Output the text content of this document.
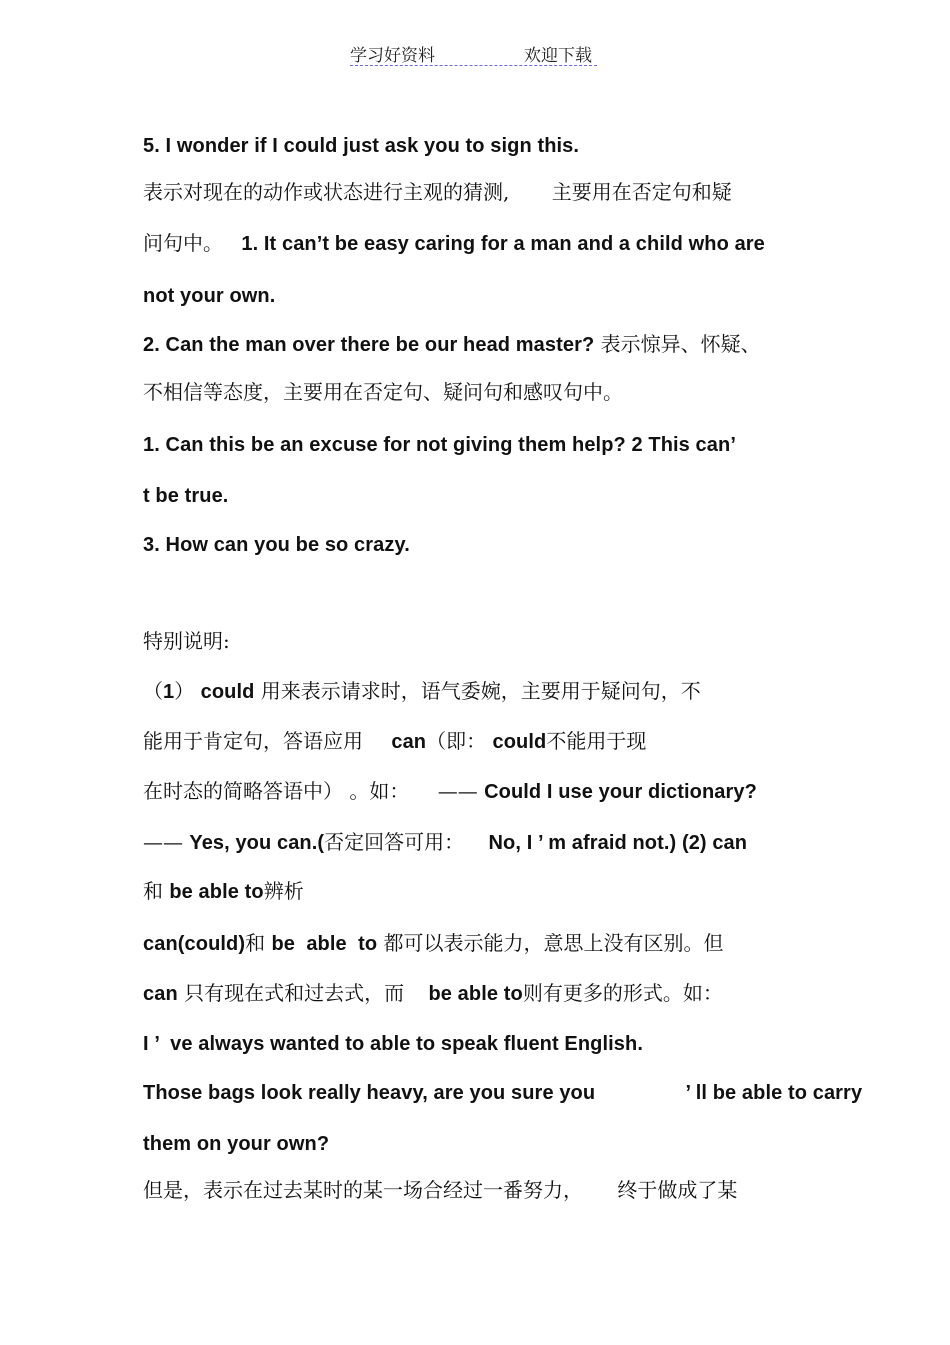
学习好资料	欢迎下载
5. I wonder if I could just ask you to sign this.
表示对现在的动作或状态进行主观的猜测, 主要用在否定句和疑
问句中。 1. It can’t be easy caring for a man and a child who are
not your own.
2. Can the man over there be our head master? 表示惊异、怀疑、
不相信等态度，主要用在否定句、疑问句和感叹句中。
1. Can this be an excuse for not giving them help? 2 This can’
t be true.
3. How can you be so crazy.
特别说明:
（1） could 用来表示请求时，语气委婉，主要用于疑问句，不
能用于肯定句，答语应用 can（即： could不能用于现
在时态的简略答语中） 。如： —— Could I use your dictionary?
—— Yes, you can.(否定回答可用： No, I ’ m afraid not.) (2) can
和 be able to辨析
can(could)和 be  able  to 都可以表示能力，意思上没有区别。但
can 只有现在式和过去式，而 be able to则有更多的形式。如：
I ’  ve always wanted to able to speak fluent English.
Those bags look really heavy, are you sure you	’ ll be able to carry
them on your own?
但是，表示在过去某时的某一场合经过一番努力， 终于做成了某
